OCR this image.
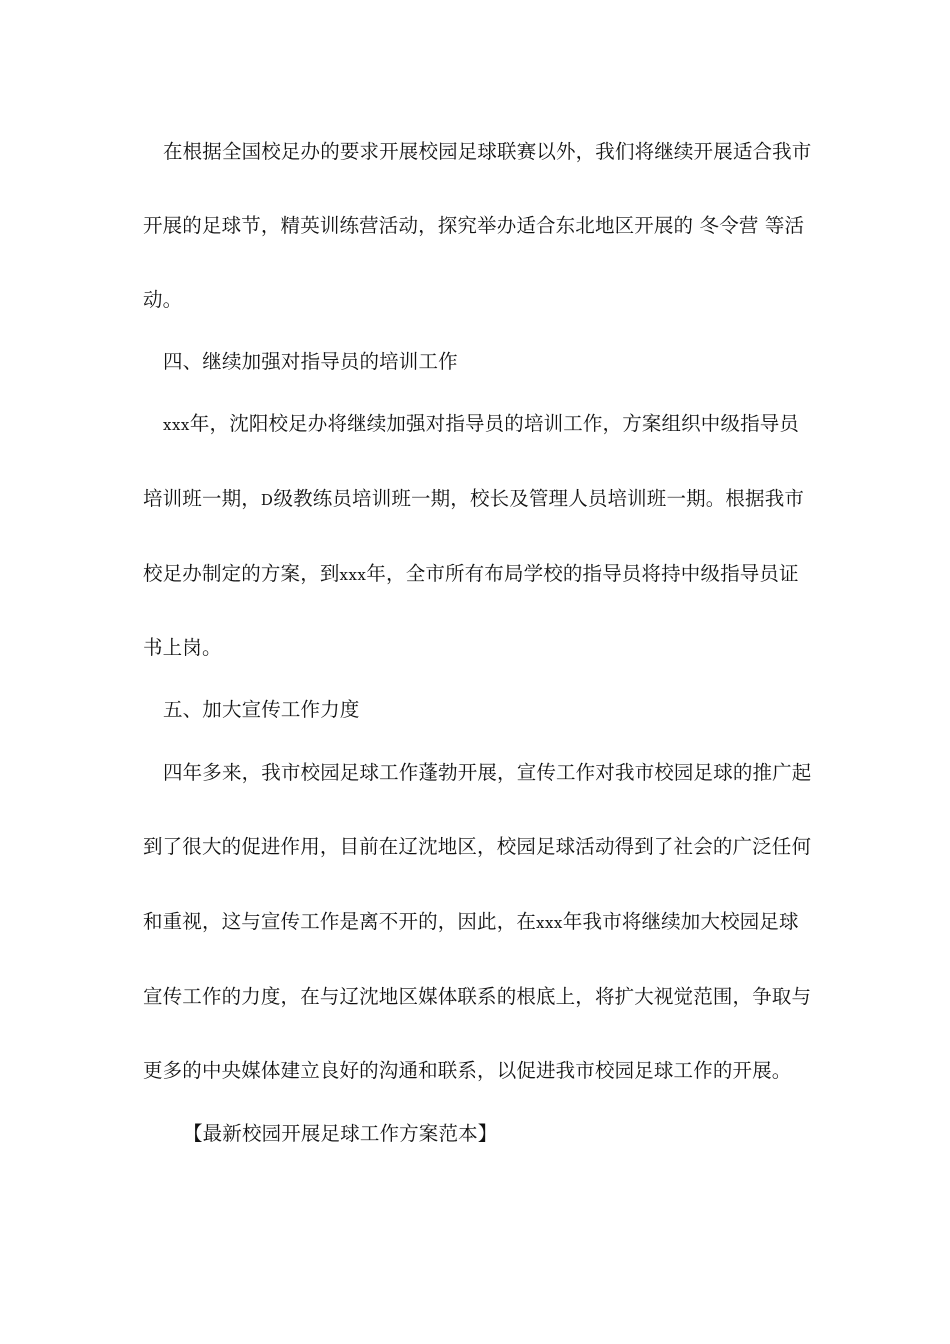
在根据全国校足办的要求开展校园足球联赛以外，我们将继续开展适合我市
开展的足球节，精英训练营活动，探究举办适合东北地区开展的 冬令营 等活
动。
四、继续加强对指导员的培训工作
xxx年，沈阳校足办将继续加强对指导员的培训工作，方案组织中级指导员
培训班一期，D级教练员培训班一期，校长及管理人员培训班一期。根据我市
校足办制定的方案，到xxx年，全市所有布局学校的指导员将持中级指导员证
书上岗。
五、加大宣传工作力度
四年多来，我市校园足球工作蓬勃开展，宣传工作对我市校园足球的推广起
到了很大的促进作用，目前在辽沈地区，校园足球活动得到了社会的广泛任何
和重视，这与宣传工作是离不开的，因此，在xxx年我市将继续加大校园足球
宣传工作的力度，在与辽沈地区媒体联系的根底上，将扩大视觉范围，争取与
更多的中央媒体建立良好的沟通和联系，以促进我市校园足球工作的开展。
【最新校园开展足球工作方案范本】
